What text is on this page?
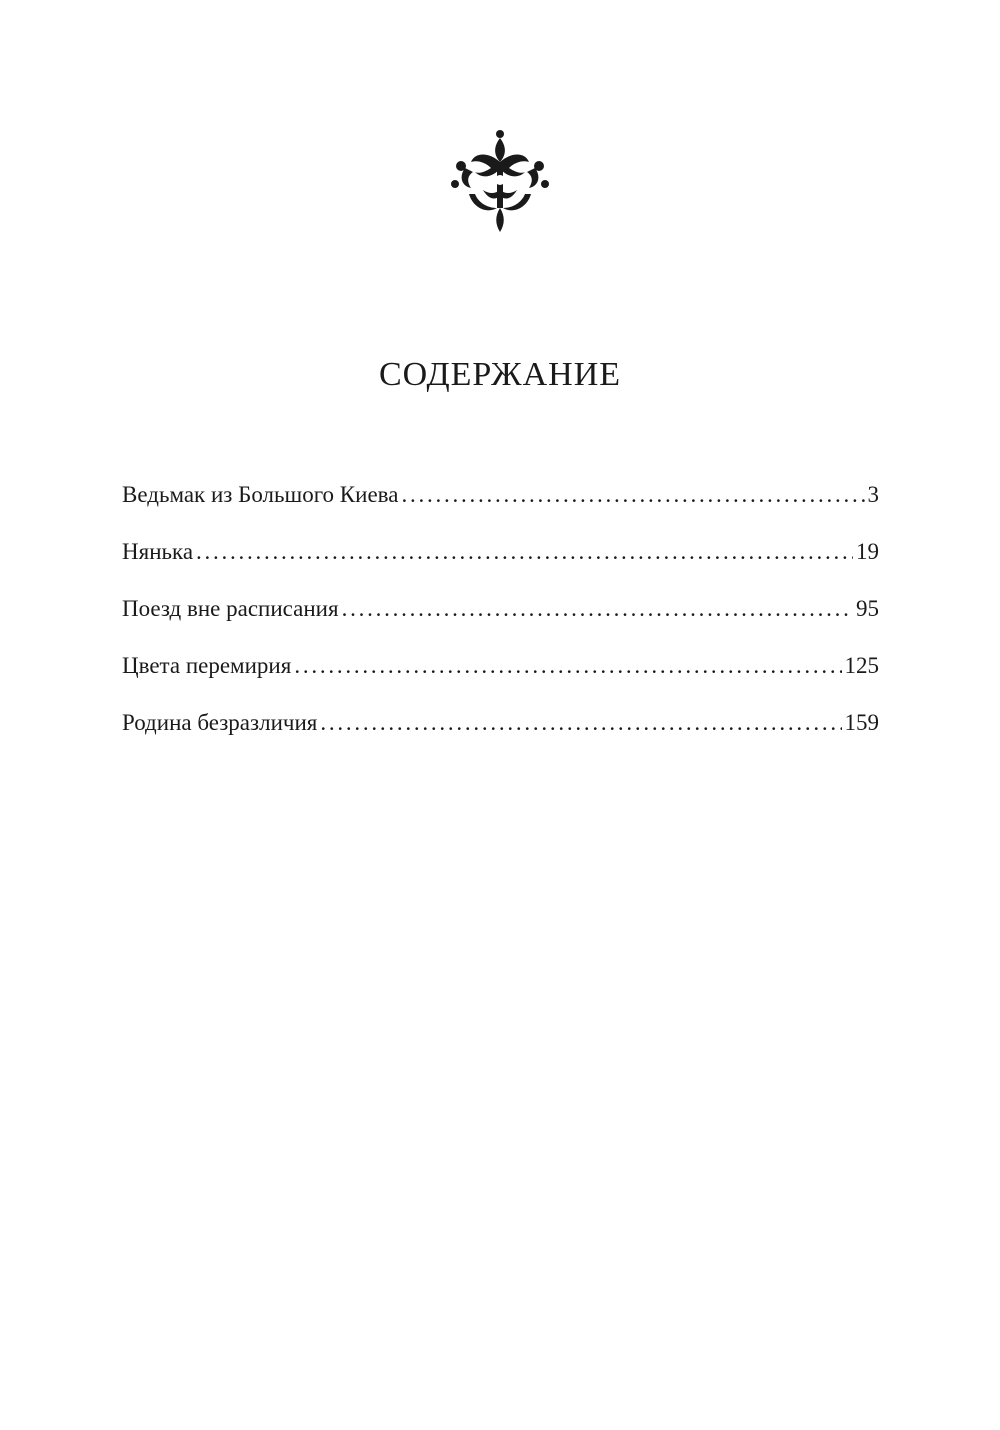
СОДЕРЖАНИЕ
Ведьмак из Большого Киева . . .	3
Нянька . . .	19
Поезд вне расписания . . .	95
Цвета перемирия . . .	125
Родина безразличия . . .	159
